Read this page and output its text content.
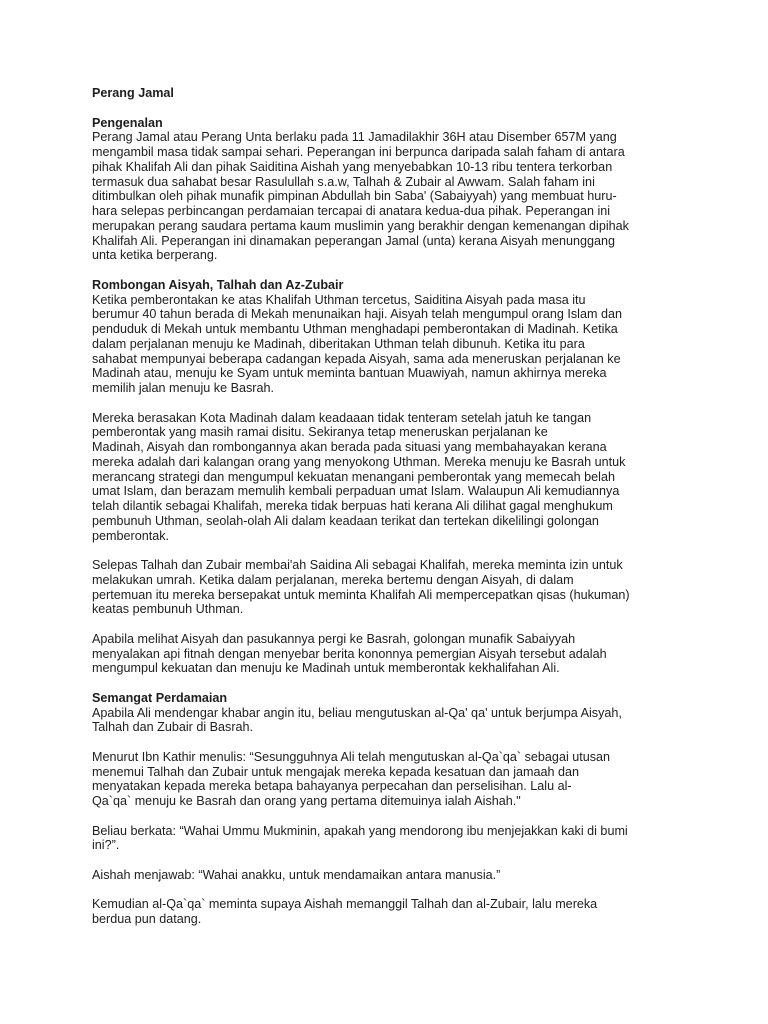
Perang Jamal
Pengenalan

Perang Jamal atau Perang Unta berlaku pada 11 Jamadilakhir 36H atau Disember 657M yang
mengambil masa tidak sampai sehari. Peperangan ini berpunca daripada salah faham di antara
pihak Khalifah Ali dan pihak Saiditina Aishah yang menyebabkan 10-13 ribu tentera terkorban
termasuk dua sahabat besar Rasulullah s.a.w, Talhah & Zubair al Awwam. Salah faham ini
ditimbulkan oleh pihak munafik pimpinan Abdullah bin Saba' (Sabaiyyah) yang membuat huru-
hara selepas perbincangan perdamaian tercapai di anatara kedua-dua pihak. Peperangan ini
merupakan perang saudara pertama kaum muslimin yang berakhir dengan kemenangan dipihak
Khalifah Ali. Peperangan ini dinamakan peperangan Jamal (unta) kerana Aisyah menunggang
unta ketika berperang.

Rombongan Aisyah, Talhah dan Az-Zubair

Ketika pemberontakan ke atas Khalifah Uthman tercetus, Saiditina Aisyah pada masa itu
berumur 40 tahun berada di Mekah menunaikan haji. Aisyah telah mengumpul orang Islam dan
penduduk di Mekah untuk membantu Uthman menghadapi pemberontakan di Madinah. Ketika
dalam perjalanan menuju ke Madinah, diberitakan Uthman telah dibunuh. Ketika itu para
sahabat mempunyai beberapa cadangan kepada Aisyah, sama ada meneruskan perjalanan ke
Madinah atau, menuju ke Syam untuk meminta bantuan Muawiyah, namun akhirnya mereka
memilih jalan menuju ke Basrah.

Mereka berasakan Kota Madinah dalam keadaaan tidak tenteram setelah jatuh ke tangan
pemberontak yang masih ramai disitu. Sekiranya tetap meneruskan perjalanan ke
Madinah, Aisyah dan rombongannya akan berada pada situasi yang membahayakan kerana
mereka adalah dari kalangan orang yang menyokong Uthman. Mereka menuju ke Basrah untuk
merancang strategi dan mengumpul kekuatan menangani pemberontak yang memecah belah
umat Islam, dan berazam memulih kembali perpaduan umat Islam. Walaupun Ali kemudiannya
telah dilantik sebagai Khalifah, mereka tidak berpuas hati kerana Ali dilihat gagal menghukum
pembunuh Uthman, seolah-olah Ali dalam keadaan terikat dan tertekan dikelilingi golongan
pemberontak.

Selepas Talhah dan Zubair membai'ah Saidina Ali sebagai Khalifah, mereka meminta izin untuk
melakukan umrah. Ketika dalam perjalanan, mereka bertemu dengan Aisyah, di dalam
pertemuan itu mereka bersepakat untuk meminta Khalifah Ali mempercepatkan qisas (hukuman)
keatas pembunuh Uthman.

Apabila melihat Aisyah dan pasukannya pergi ke Basrah, golongan munafik Sabaiyyah
menyalakan api fitnah dengan menyebar berita kononnya pemergian Aisyah tersebut adalah
mengumpul kekuatan dan menuju ke Madinah untuk memberontak kekhalifahan Ali.

Semangat Perdamaian

Apabila Ali mendengar khabar angin itu, beliau mengutuskan al-Qa' qa' untuk berjumpa Aisyah,
Talhah dan Zubair di Basrah.

Menurut Ibn Kathir menulis: “Sesungguhnya Ali telah mengutuskan al-Qa`qa` sebagai utusan
menemui Talhah dan Zubair untuk mengajak mereka kepada kesatuan dan jamaah dan
menyatakan kepada mereka betapa bahayanya perpecahan dan perselisihan. Lalu al-
Qa`qa` menuju ke Basrah dan orang yang pertama ditemuinya ialah Aishah."

Beliau berkata: “Wahai Ummu Mukminin, apakah yang mendorong ibu menjejakkan kaki di bumi
ini?”.

Aishah menjawab: “Wahai anakku, untuk mendamaikan antara manusia.”

Kemudian al-Qa`qa` meminta supaya Aishah memanggil Talhah dan al-Zubair, lalu mereka
berdua pun datang.
